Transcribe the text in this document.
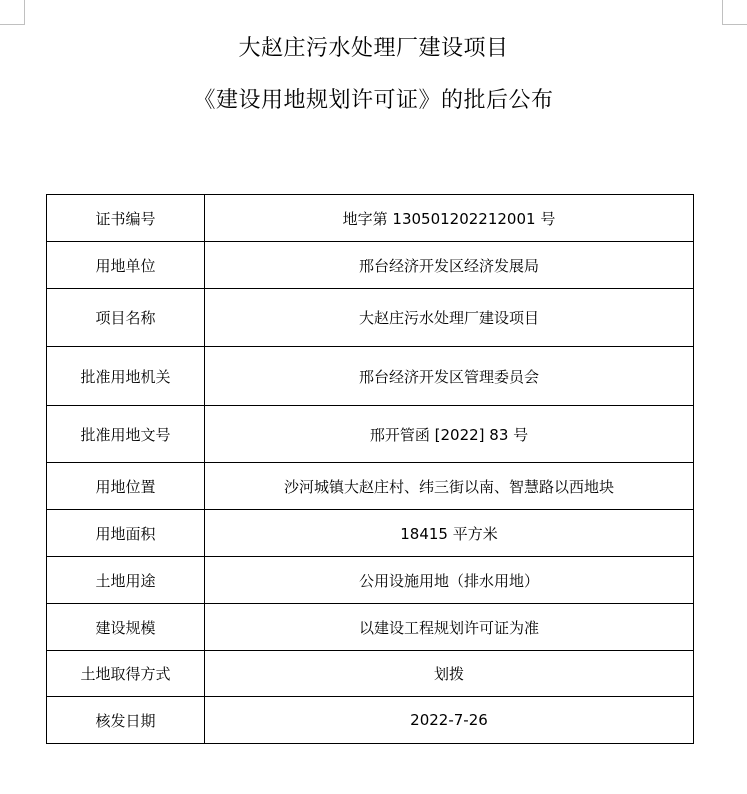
大赵庄污水处理厂建设项目
《建设用地规划许可证》的批后公布
证书编号	地字第 130501202212001 号
用地单位	邢台经济开发区经济发展局
项目名称	大赵庄污水处理厂建设项目
批准用地机关	邢台经济开发区管理委员会
批准用地文号	邢开管函 [2022] 83 号
用地位置	沙河城镇大赵庄村、纬三街以南、智慧路以西地块
用地面积	18415 平方米
土地用途	公用设施用地（排水用地）
建设规模	以建设工程规划许可证为准
土地取得方式	划拨
核发日期	2022-7-26
